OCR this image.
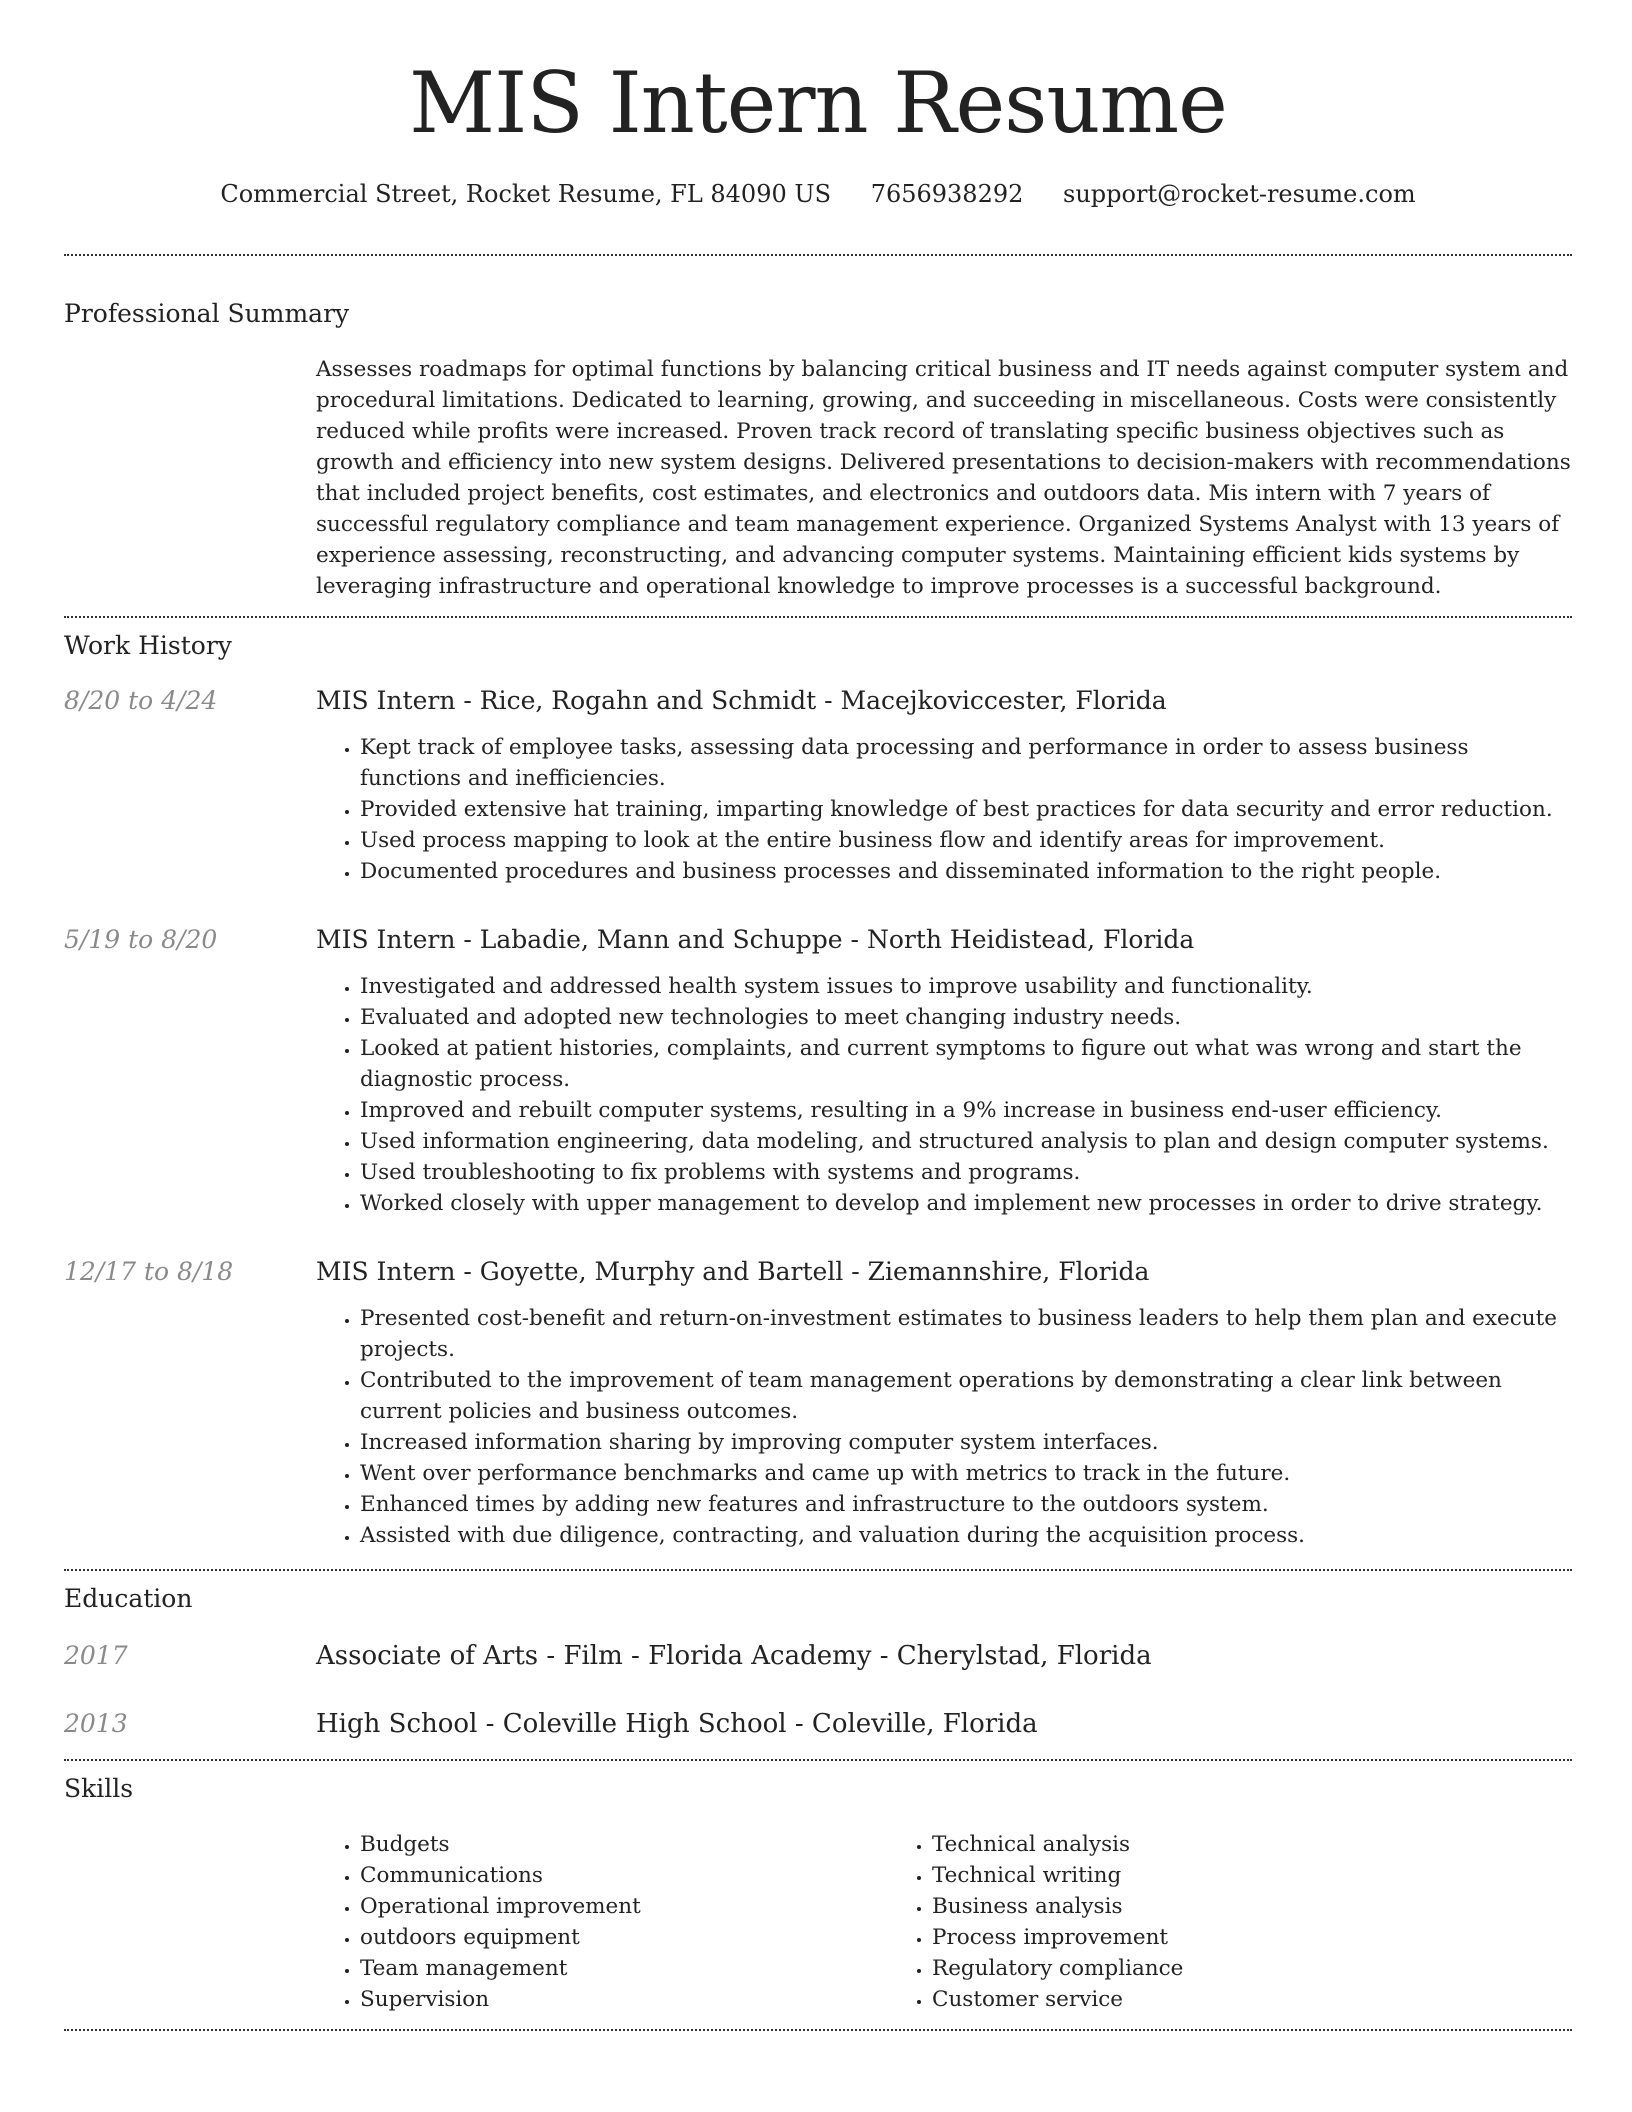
MIS Intern Resume
Commercial Street, Rocket Resume, FL 84090 US 7656938292 support@rocket-resume.com
Professional Summary

Assesses roadmaps for optimal functions by balancing critical business and IT needs against computer system and procedural limitations. Dedicated to learning, growing, and succeeding in miscellaneous. Costs were consistently reduced while profits were increased. Proven track record of translating specific business objectives such as growth and efficiency into new system designs. Delivered presentations to decision-makers with recommendations that included project benefits, cost estimates, and electronics and outdoors data. Mis intern with 7 years of successful regulatory compliance and team management experience. Organized Systems Analyst with 13 years of experience assessing, reconstructing, and advancing computer systems. Maintaining efficient kids systems by leveraging infrastructure and operational knowledge to improve processes is a successful background.

Work History
8/20 to 4/24	MIS Intern - Rice, Rogahn and Schmidt - Macejkoviccester, Florida
• Kept track of employee tasks, assessing data processing and performance in order to assess business functions and inefficiencies.
• Provided extensive hat training, imparting knowledge of best practices for data security and error reduction.
• Used process mapping to look at the entire business flow and identify areas for improvement.
• Documented procedures and business processes and disseminated information to the right people.
5/19 to 8/20	MIS Intern - Labadie, Mann and Schuppe - North Heidistead, Florida
• Investigated and addressed health system issues to improve usability and functionality.
• Evaluated and adopted new technologies to meet changing industry needs.
• Looked at patient histories, complaints, and current symptoms to figure out what was wrong and start the diagnostic process.
• Improved and rebuilt computer systems, resulting in a 9% increase in business end-user efficiency.
• Used information engineering, data modeling, and structured analysis to plan and design computer systems.
• Used troubleshooting to fix problems with systems and programs.
• Worked closely with upper management to develop and implement new processes in order to drive strategy.
12/17 to 8/18	MIS Intern - Goyette, Murphy and Bartell - Ziemannshire, Florida
• Presented cost-benefit and return-on-investment estimates to business leaders to help them plan and execute projects.
• Contributed to the improvement of team management operations by demonstrating a clear link between current policies and business outcomes.
• Increased information sharing by improving computer system interfaces.
• Went over performance benchmarks and came up with metrics to track in the future.
• Enhanced times by adding new features and infrastructure to the outdoors system.
• Assisted with due diligence, contracting, and valuation during the acquisition process.
Education
2017	Associate of Arts - Film - Florida Academy - Cherylstad, Florida
2013	High School - Coleville High School - Coleville, Florida
Skills
• Budgets
• Communications
• Operational improvement
• outdoors equipment
• Team management
• Supervision
• Technical analysis
• Technical writing
• Business analysis
• Process improvement
• Regulatory compliance
• Customer service
